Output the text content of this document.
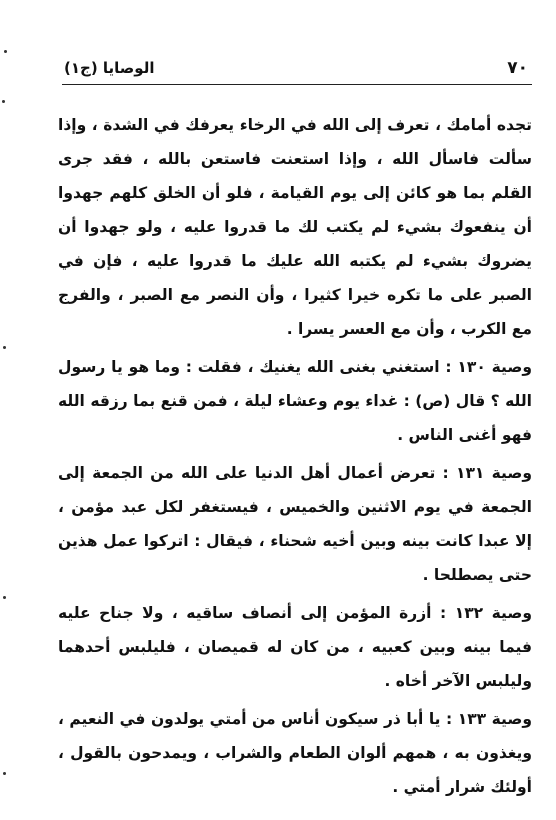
٧٠
الوصايا (ج١)

تجده أمامك ، تعرف إلى الله في الرخاء يعرفك في الشدة ، وإذا سألت فاسأل الله ، وإذا استعنت فاستعن بالله ، فقد جرى القلم بما هو كائن إلى يوم القيامة ، فلو أن الخلق كلهم جهدوا أن ينفعوك بشيء لم يكتب لك ما قدروا عليه ، ولو جهدوا أن يضروك بشيء لم يكتبه الله عليك ما قدروا عليه ، فإن في الصبر على ما تكره خيرا كثيرا ، وأن النصر مع الصبر ، والفرج مع الكرب ، وأن مع العسر يسرا .

وصية ١٣٠ : استغني بغنى الله يغنيك ، فقلت : وما هو يا رسول الله ؟ قال (ص) : غداء يوم وعشاء ليلة ، فمن قنع بما رزقه الله فهو أغنى الناس .

وصية ١٣١ : تعرض أعمال أهل الدنيا على الله من الجمعة إلى الجمعة في يوم الاثنين والخميس ، فيستغفر لكل عبد مؤمن ، إلا عبدا كانت بينه وبين أخيه شحناء ، فيقال : اتركوا عمل هذين حتى يصطلحا .

وصية ١٣٢ : أزرة المؤمن إلى أنصاف ساقيه ، ولا جناح عليه فيما بينه وبين كعبيه ، من كان له قميصان ، فليلبس أحدهما وليلبس الآخر أخاه .

وصية ١٣٣ : يا أبا ذر سيكون أناس من أمتي يولدون في النعيم ، ويغذون به ، همهم ألوان الطعام والشراب ، ويمدحون بالقول ، أولئك شرار أمتي .
